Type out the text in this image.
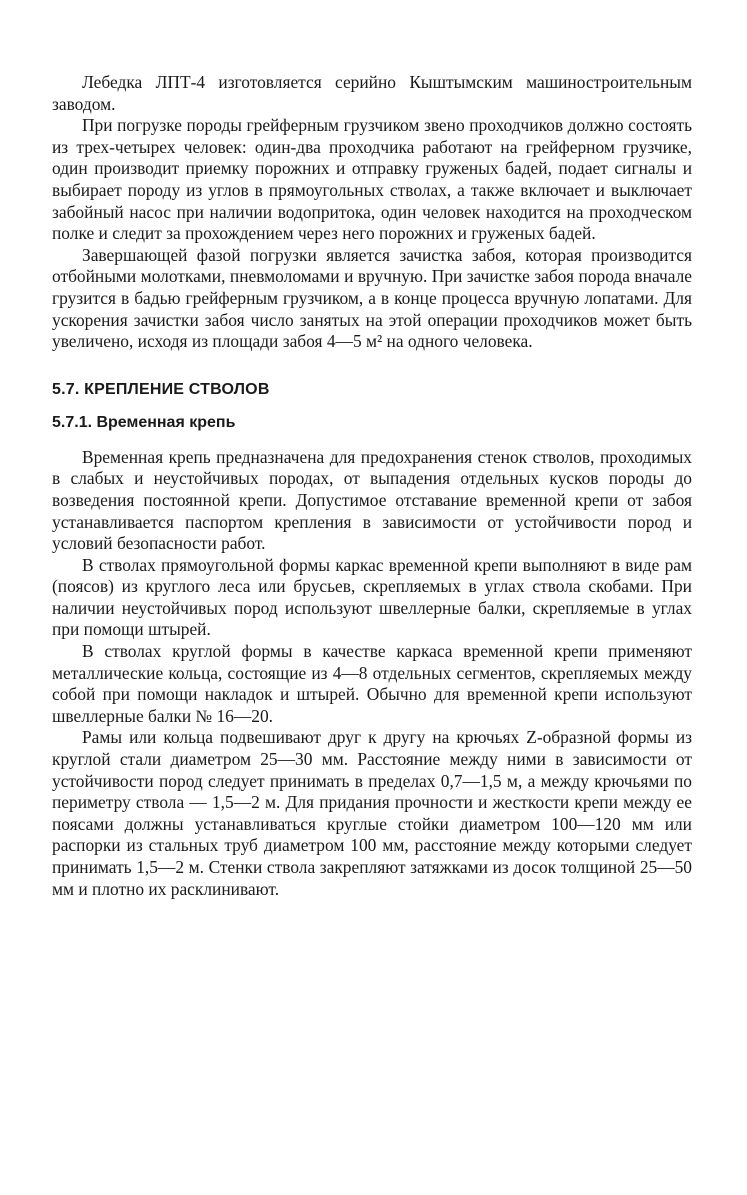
Лебедка ЛПТ-4 изготовляется серийно Кыштымским машиностроительным заводом.

При погрузке породы грейферным грузчиком звено проходчиков должно состоять из трех-четырех человек: один-два проходчика работают на грейферном грузчике, один производит приемку порожних и отправку груженых бадей, подает сигналы и выбирает породу из углов в прямоугольных стволах, а также включает и выключает забойный насос при наличии водопритока, один человек находится на проходческом полке и следит за прохождением через него порожних и груженых бадей.

Завершающей фазой погрузки является зачистка забоя, которая производится отбойными молотками, пневмоломами и вручную. При зачистке забоя порода вначале грузится в бадью грейферным грузчиком, а в конце процесса вручную лопатами. Для ускорения зачистки забоя число занятых на этой операции проходчиков может быть увеличено, исходя из площади забоя 4—5 м² на одного человека.

5.7. КРЕПЛЕНИЕ СТВОЛОВ
5.7.1. Временная крепь

Временная крепь предназначена для предохранения стенок стволов, проходимых в слабых и неустойчивых породах, от выпадения отдельных кусков породы до возведения постоянной крепи. Допустимое отставание временной крепи от забоя устанавливается паспортом крепления в зависимости от устойчивости пород и условий безопасности работ.

В стволах прямоугольной формы каркас временной крепи выполняют в виде рам (поясов) из круглого леса или брусьев, скрепляемых в углах ствола скобами. При наличии неустойчивых пород используют швеллерные балки, скрепляемые в углах при помощи штырей.

В стволах круглой формы в качестве каркаса временной крепи применяют металлические кольца, состоящие из 4—8 отдельных сегментов, скрепляемых между собой при помощи накладок и штырей. Обычно для временной крепи используют швеллерные балки № 16—20.

Рамы или кольца подвешивают друг к другу на крючьях Z-образной формы из круглой стали диаметром 25—30 мм. Расстояние между ними в зависимости от устойчивости пород следует принимать в пределах 0,7—1,5 м, а между крючьями по периметру ствола — 1,5—2 м. Для придания прочности и жесткости крепи между ее поясами должны устанавливаться круглые стойки диаметром 100—120 мм или распорки из стальных труб диаметром 100 мм, расстояние между которыми следует принимать 1,5—2 м. Стенки ствола закрепляют затяжками из досок толщиной 25—50 мм и плотно их расклинивают.
